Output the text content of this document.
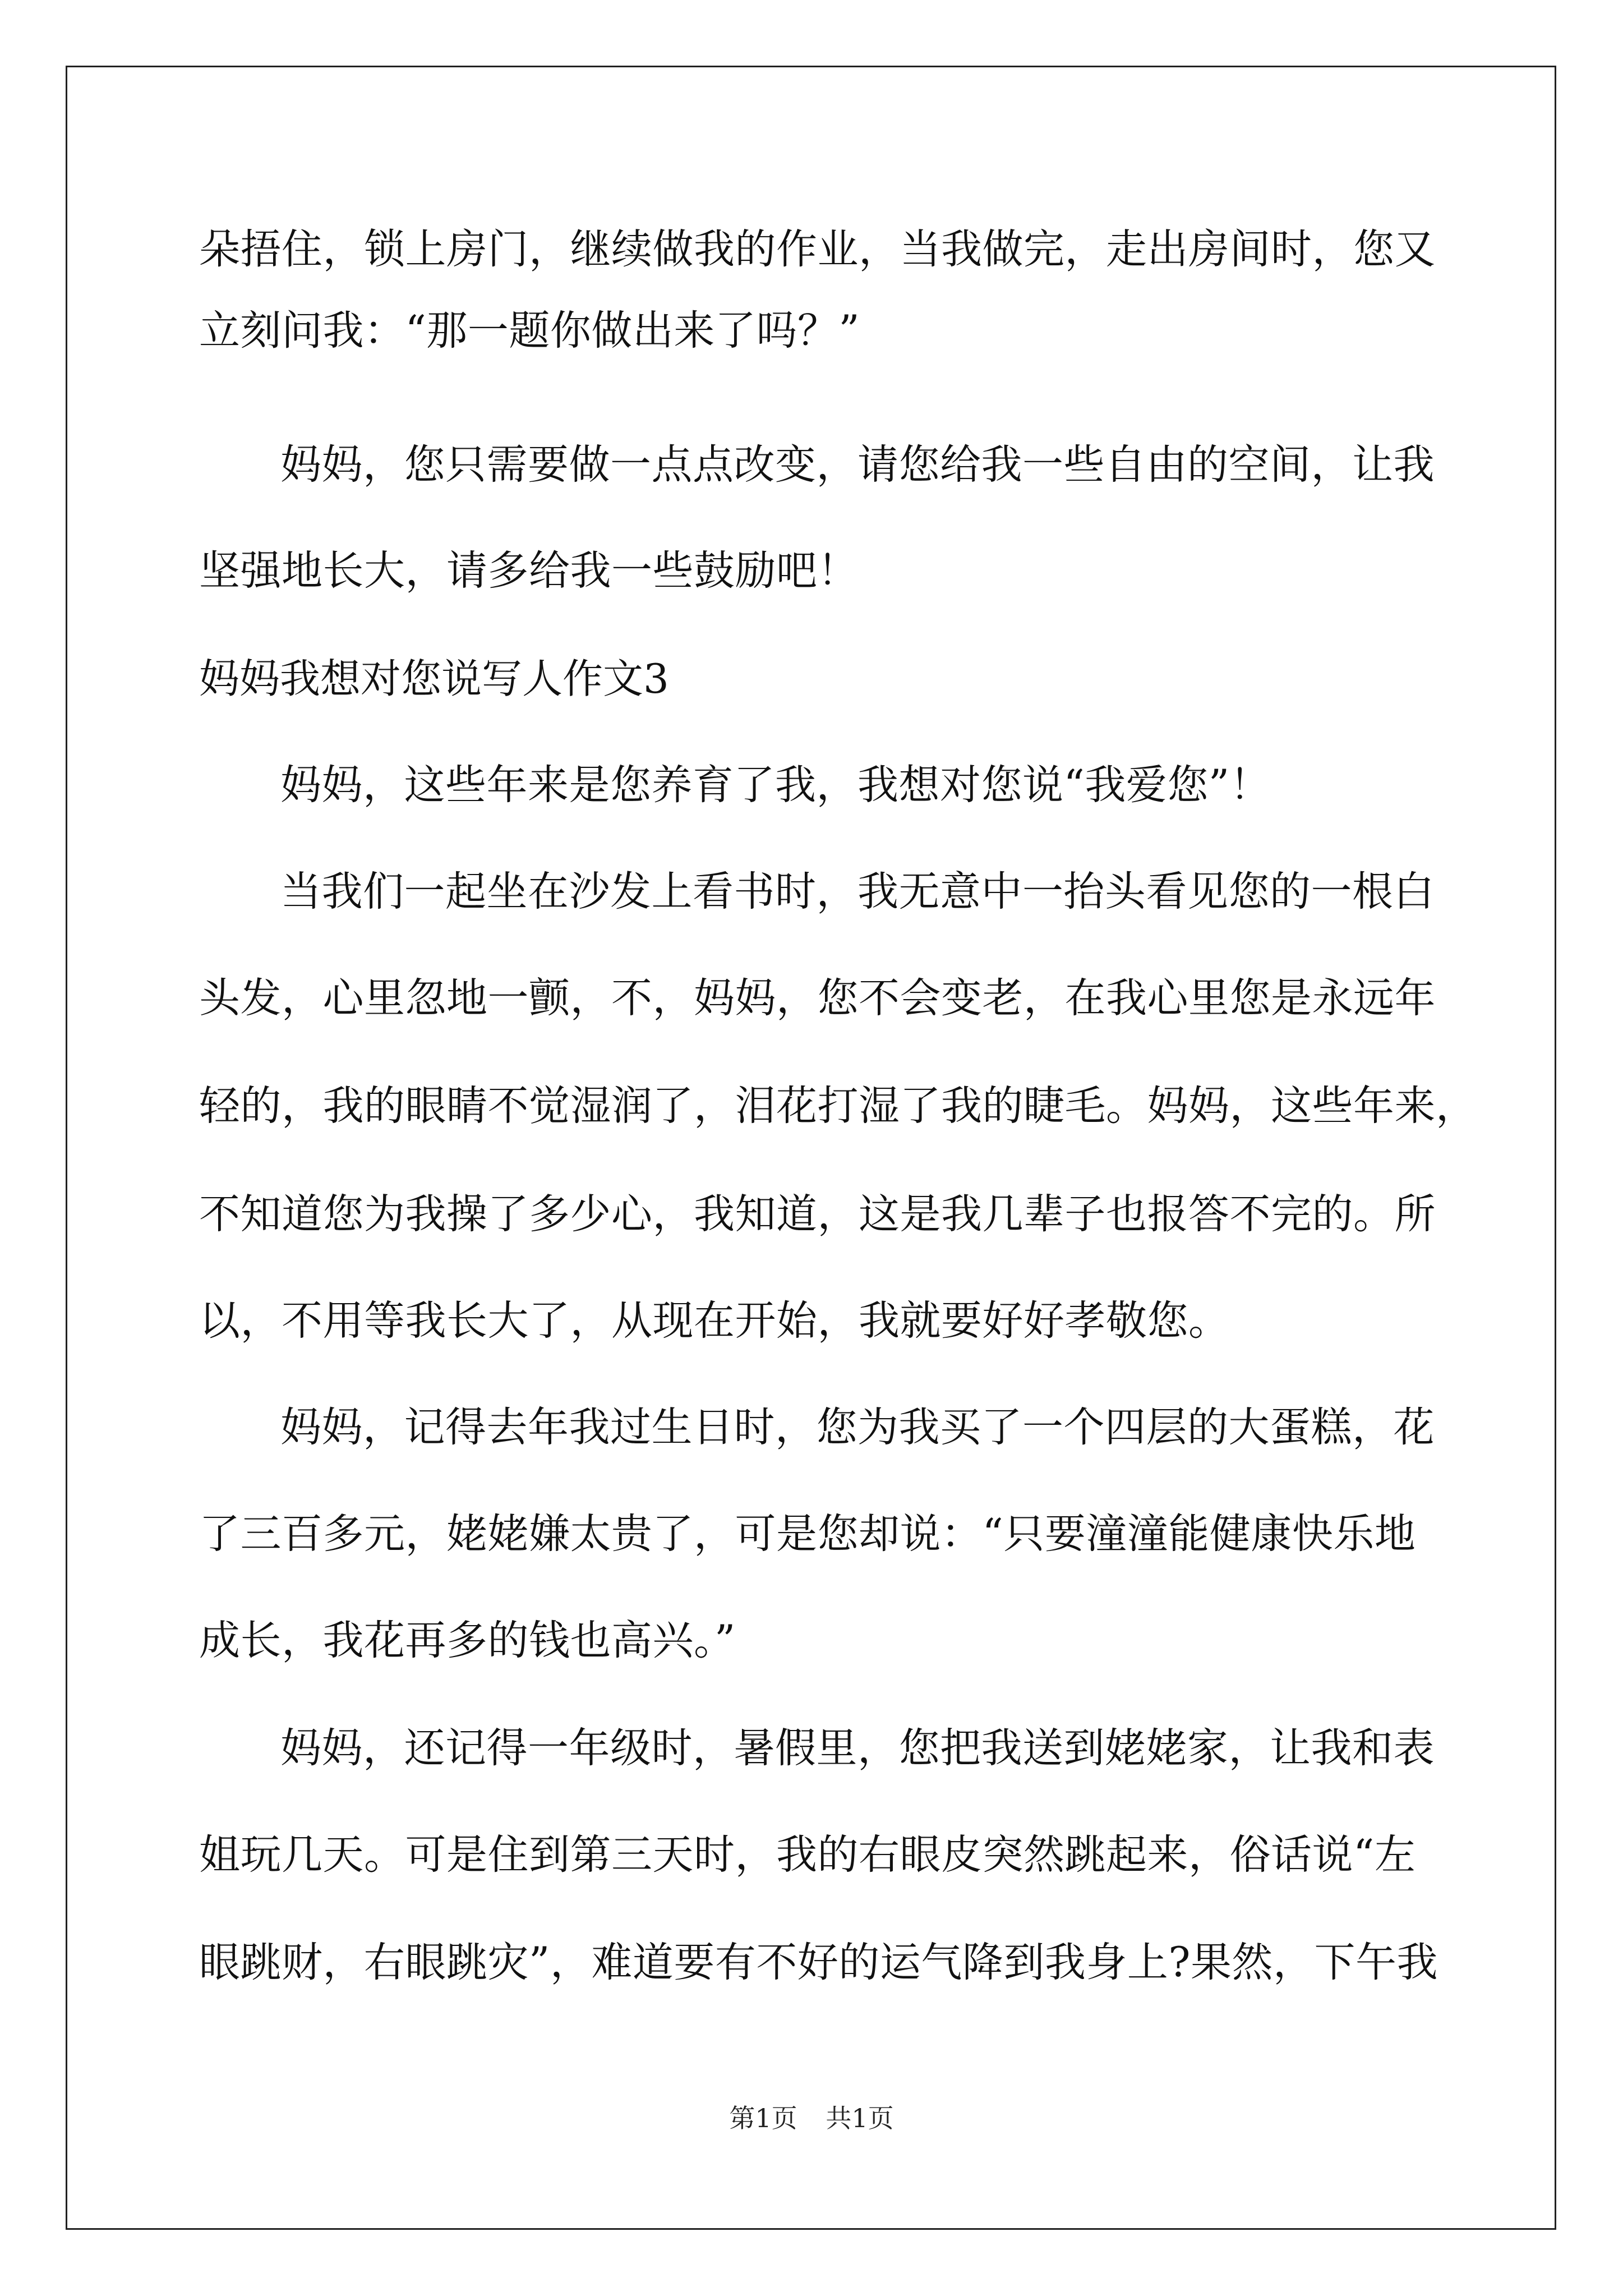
朵捂住，锁上房门，继续做我的作业，当我做完，走出房间时，您又
立刻问我：“那一题你做出来了吗？”
妈妈，您只需要做一点点改变，请您给我一些自由的空间，让我
坚强地长大，请多给我一些鼓励吧！
妈妈我想对您说写人作文3
妈妈，这些年来是您养育了我，我想对您说“我爱您”！
当我们一起坐在沙发上看书时，我无意中一抬头看见您的一根白
头发，心里忽地一颤，不，妈妈，您不会变老，在我心里您是永远年
轻的，我的眼睛不觉湿润了，泪花打湿了我的睫毛。妈妈，这些年来，
不知道您为我操了多少心，我知道，这是我几辈子也报答不完的。所
以，不用等我长大了，从现在开始，我就要好好孝敬您。
妈妈，记得去年我过生日时，您为我买了一个四层的大蛋糕，花
了三百多元，姥姥嫌太贵了，可是您却说：“只要潼潼能健康快乐地
成长，我花再多的钱也高兴。”
妈妈，还记得一年级时，暑假里，您把我送到姥姥家，让我和表
姐玩几天。可是住到第三天时，我的右眼皮突然跳起来，俗话说“左
眼跳财，右眼跳灾”，难道要有不好的运气降到我身上?果然，下午我
第1页 共1页
